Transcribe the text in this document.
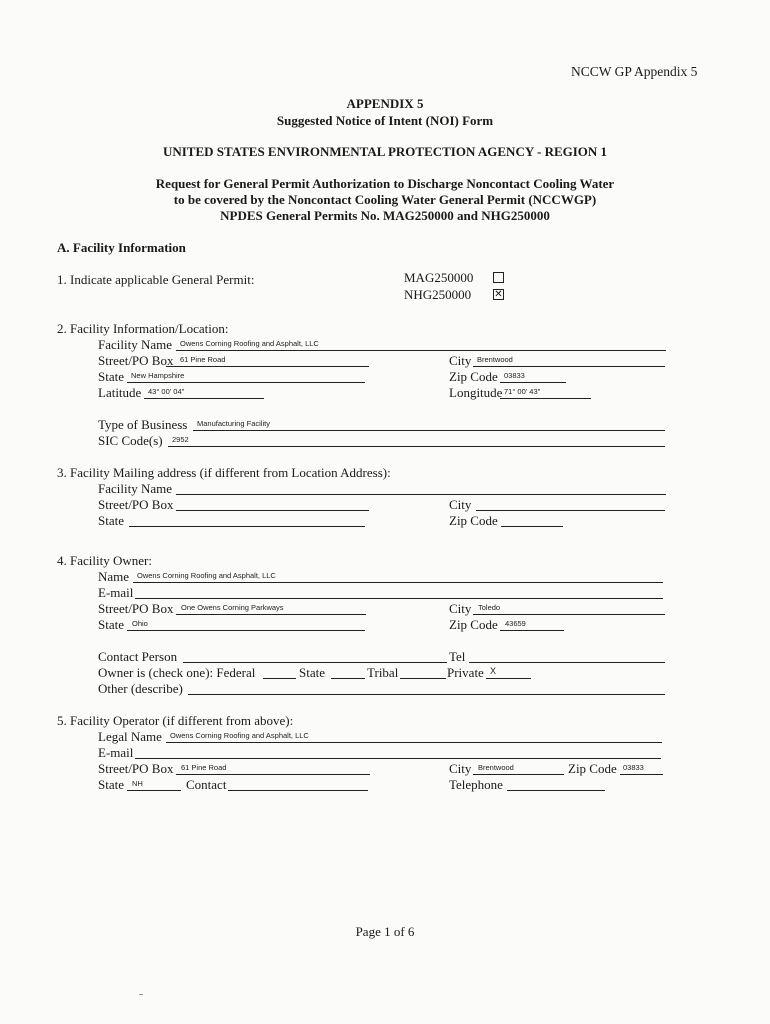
NCCW GP Appendix 5
APPENDIX 5
Suggested Notice of Intent (NOI) Form
UNITED STATES ENVIRONMENTAL PROTECTION AGENCY - REGION 1
Request for General Permit Authorization to Discharge Noncontact Cooling Water
to be covered by the Noncontact Cooling Water General Permit (NCCWGP)
NPDES General Permits No. MAG250000 and NHG250000
A. Facility Information
1. Indicate applicable General Permit:	MAG250000
NHG250000 ✕
2. Facility Information/Location:
Facility Name Owens Corning Roofing and Asphalt, LLC
Street/PO Box 61 Pine Road	City Brentwood
State New Hampshire	Zip Code 03833
Latitude 43° 00' 04"	Longitude 71° 00' 43"
Type of Business Manufacturing Facility
SIC Code(s) 2952
3. Facility Mailing address (if different from Location Address):
Facility Name
Street/PO Box	City
State	Zip Code
4. Facility Owner:
Name Owens Corning Roofing and Asphalt, LLC
E-mail
Street/PO Box One Owens Corning Parkways	City Toledo
State Ohio	Zip Code 43659
Contact Person	Tel
Owner is (check one): Federal	State	Tribal	Private X
Other (describe)
5. Facility Operator (if different from above):
Legal Name Owens Corning Roofing and Asphalt, LLC
E-mail
Street/PO Box 61 Pine Road	City Brentwood	Zip Code 03833
State NH	Contact	Telephone
Page 1 of 6
